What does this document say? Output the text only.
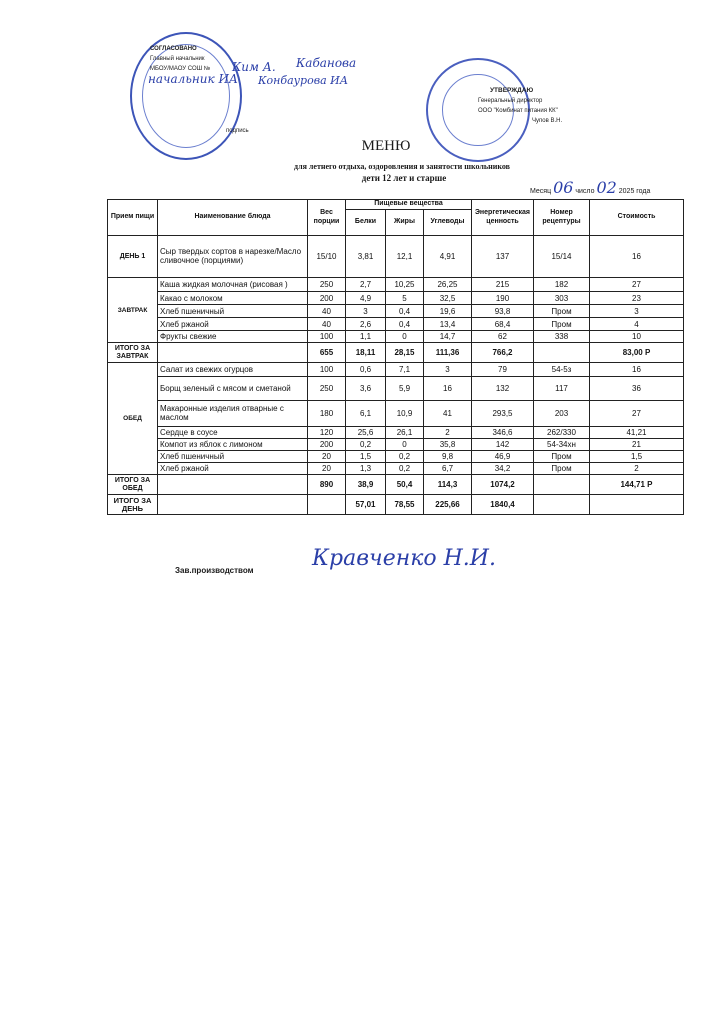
СОГЛАСОВАНО
Главный начальник
МБОУ/МАОУ СОШ №
подпись
Ким А. Кабанова
начальник ИА Конбаурова ИА
УТВЕРЖДАЮ
Генеральный директор
ООО "Комбинат питания КК"
Чупов В.Н.
МЕНЮ
для летнего отдыха, оздоровления и занятости школьников
дети 12 лет и старше
Месяц 06 число 02 2025 года
Прием пищи	Наименование блюда	Вес порции	Пищевые вещества			Энергетическая ценность	Номер рецептуры	Стоимость
			Белки	Жиры	Углеводы			
ДЕНЬ 1	Сыр твердых сортов в нарезке/Масло сливочное (порциями)	15/10	3,81	12,1	4,91	137	15/14	16
ЗАВТРАК	Каша жидкая молочная (рисовая )	250	2,7	10,25	26,25	215	182	27
	Какао с молоком	200	4,9	5	32,5	190	303	23
	Хлеб пшеничный	40	3	0,4	19,6	93,8	Пром	3
	Хлеб ржаной	40	2,6	0,4	13,4	68,4	Пром	4
	Фрукты свежие	100	1,1	0	14,7	62	338	10
ИТОГО ЗА ЗАВТРАК		655	18,11	28,15	111,36	766,2		83,00 Р
ОБЕД	Салат из свежих огурцов	100	0,6	7,1	3	79	54-5з	16
	Борщ зеленый с мясом и сметаной	250	3,6	5,9	16	132	117	36
	Макаронные изделия отварные с маслом	180	6,1	10,9	41	293,5	203	27
	Сердце в соусе	120	25,6	26,1	2	346,6	262/330	41,21
	Компот из яблок с лимоном	200	0,2	0	35,8	142	54-34хн	21
	Хлеб пшеничный	20	1,5	0,2	9,8	46,9	Пром	1,5
	Хлеб ржаной	20	1,3	0,2	6,7	34,2	Пром	2
ИТОГО ЗА ОБЕД		890	38,9	50,4	114,3	1074,2		144,71 Р
ИТОГО ЗА ДЕНЬ			57,01	78,55	225,66	1840,4		
Зав.производством	Кравченко Н.И.
